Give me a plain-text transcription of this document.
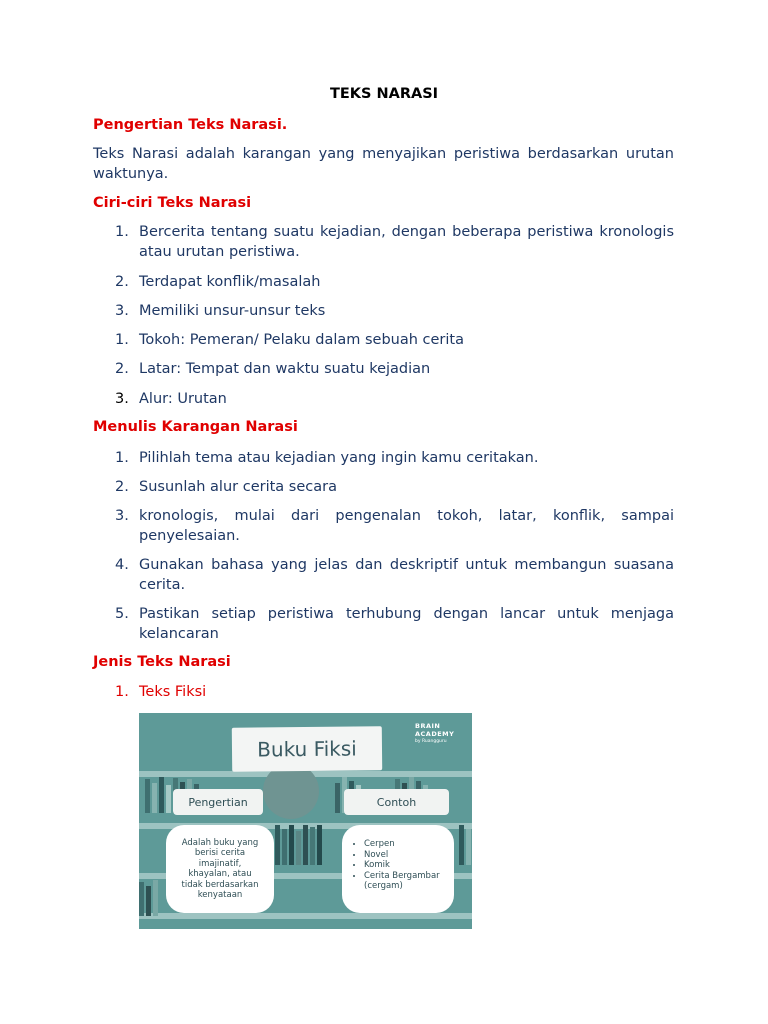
TEKS NARASI
Pengertian Teks Narasi.
Teks Narasi adalah karangan yang menyajikan peristiwa berdasarkan urutan waktunya.
Ciri-ciri Teks Narasi
1. Bercerita tentang suatu kejadian, dengan beberapa peristiwa kronologis atau urutan peristiwa.
2. Terdapat konflik/masalah
3. Memiliki unsur-unsur teks
1. Tokoh: Pemeran/ Pelaku dalam sebuah cerita
2. Latar: Tempat dan waktu suatu kejadian
3. Alur: Urutan
Menulis Karangan Narasi
1. Pilihlah tema atau kejadian yang ingin kamu ceritakan.
2. Susunlah alur cerita secara
3. kronologis, mulai dari pengenalan tokoh, latar, konflik, sampai penyelesaian.
4. Gunakan bahasa yang jelas dan deskriptif untuk membangun suasana cerita.
5. Pastikan setiap peristiwa terhubung dengan lancar untuk menjaga kelancaran
Jenis Teks Narasi
1. Teks Fiksi
Buku Fiksi
BRAIN
ACADEMY
by Ruangguru
Pengertian	Contoh
Adalah buku yang berisi cerita imajinatif, khayalan, atau tidak berdasarkan kenyataan
• Cerpen
• Novel
• Komik
• Cerita Bergambar (cergam)
